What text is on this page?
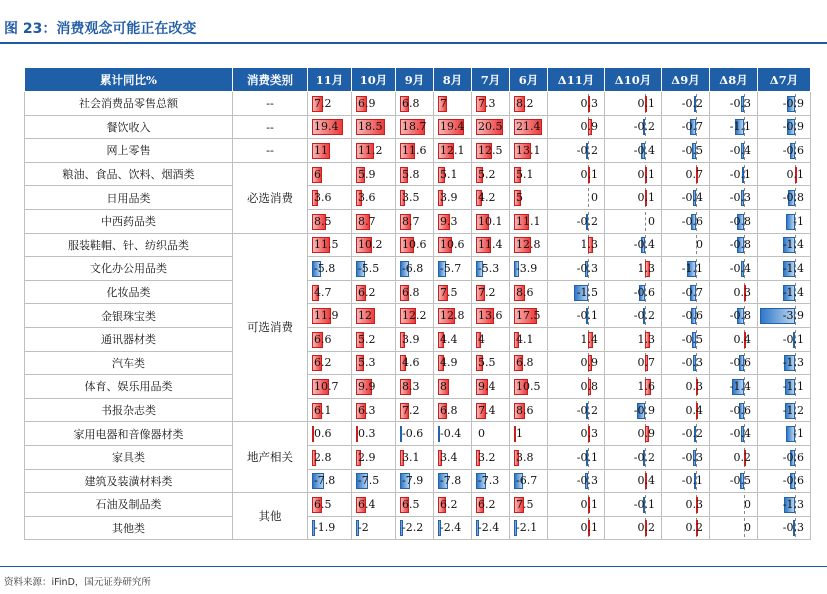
图 23：消费观念可能正在改变
累计同比%	消费类别	11月	10月	9月	8月	7月	6月	Δ11月	Δ10月	Δ9月	Δ8月	Δ7月
社会消费品零售总额	--	7.2	6.9	6.8	7	7.3	8.2	0.3	0.1	-0.2	-0.3	-0.9

餐饮收入	--	19.4	18.5	18.7	19.4	20.5	21.4	0.9	-0.2	-0.7	-1.1	-0.9

网上零售	--	11	11.2	11.6	12.1	12.5	13.1	-0.2	-0.4	-0.5	-0.4	-0.6

粮油、食品、饮料、烟酒类	必选消费	6	5.9	5.8	5.1	5.2	5.1	0.1	0.1	0.7	-0.1	0.1

日用品类		3.6	3.6	3.5	3.9	4.2	5	0	0.1	-0.4	-0.3	-0.8

中西药品类		8.5	8.7	8.7	9.3	10.1	11.1	-0.2	0	-0.6	-0.8	-1

服装鞋帽、针、纺织品类	可选消费	11.5	10.2	10.6	10.6	11.4	12.8	1.3	-0.4	0	-0.8	-1.4

文化办公用品类		-5.8	-5.5	-6.8	-5.7	-5.3	-3.9	-0.3	1.3	-1.1	-0.4	-1.4

化妆品类		4.7	6.2	6.8	7.5	7.2	8.6	-1.5	-0.6	-0.7	0.3	-1.4

金银珠宝类		11.9	12	12.2	12.8	13.6	17.5	-0.1	-0.2	-0.6	-0.8	-3.9

通讯器材类		6.6	5.2	3.9	4.4	4	4.1	1.4	1.3	-0.5	0.4	-0.1

汽车类		6.2	5.3	4.6	4.9	5.5	6.8	0.9	0.7	-0.3	-0.6	-1.3

体育、娱乐用品类		10.7	9.9	8.3	8	9.4	10.5	0.8	1.6	0.3	-1.4	-1.1

书报杂志类		6.1	6.3	7.2	6.8	7.4	8.6	-0.2	-0.9	0.4	-0.6	-1.2

家用电器和音像器材类	地产相关	0.6	0.3	-0.6	-0.4	0	1	0.3	0.9	-0.2	-0.4	-1

家具类		2.8	2.9	3.1	3.4	3.2	3.8	-0.1	-0.2	-0.3	0.2	-0.6

建筑及装潢材料类		-7.8	-7.5	-7.9	-7.8	-7.3	-6.7	-0.3	0.4	-0.1	-0.5	-0.6

石油及制品类	其他	6.5	6.4	6.5	6.2	6.2	7.5	0.1	-0.1	0.3	0	-1.3

其他类		-1.9	-2	-2.2	-2.4	-2.4	-2.1	0.1	0.2	0.2	0	-0.3
资料来源：iFinD，国元证券研究所
